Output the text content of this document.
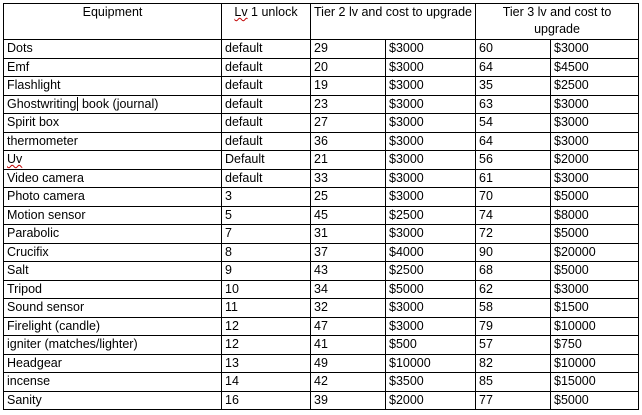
Equipment	Lv 1 unlock	Tier 2 lv and cost to upgrade		Tier 3 lv and cost to upgrade	
Dots	default	29	$3000	60	$3000
Emf	default	20	$3000	64	$4500
Flashlight	default	19	$3000	35	$2500
Ghostwriting book (journal)	default	23	$3000	63	$3000
Spirit box	default	27	$3000	54	$3000
thermometer	default	36	$3000	64	$3000
Uv	Default	21	$3000	56	$2000
Video camera	default	33	$3000	61	$3000
Photo camera	3	25	$3000	70	$5000
Motion sensor	5	45	$2500	74	$8000
Parabolic	7	31	$3000	72	$5000
Crucifix	8	37	$4000	90	$20000
Salt	9	43	$2500	68	$5000
Tripod	10	34	$5000	62	$3000
Sound sensor	11	32	$3000	58	$1500
Firelight (candle)	12	47	$3000	79	$10000
igniter (matches/lighter)	12	41	$500	57	$750
Headgear	13	49	$10000	82	$10000
incense	14	42	$3500	85	$15000
Sanity	16	39	$2000	77	$5000
